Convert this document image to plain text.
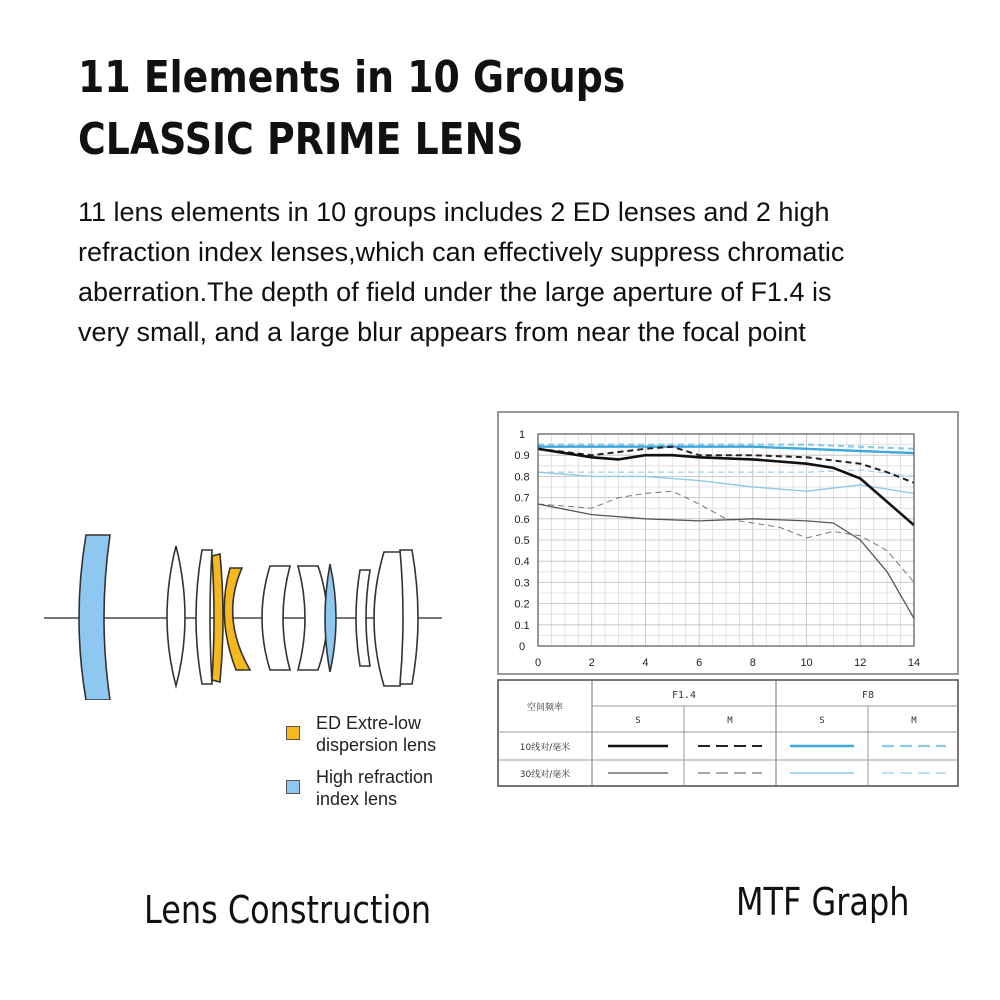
11 Elements in 10 Groups
CLASSIC PRIME LENS

11 lens elements in 10 groups includes 2 ED lenses and 2 high
refraction index lenses,which can effectively suppress chromatic
aberration.The depth of field under the large aperture of F1.4 is
very small, and a large blur appears from near the focal point

ED Extre-low
dispersion lens
High refraction
index lens
0
0.1
0.2
0.3
0.4
0.5
0.6
0.7
0.8
0.9
1
0	2	4	6	8	10	12	14
空间频率
F1.4	F8
S	M	S	M
10线对/毫米
30线对/毫米
Lens Construction	MTF Graph
